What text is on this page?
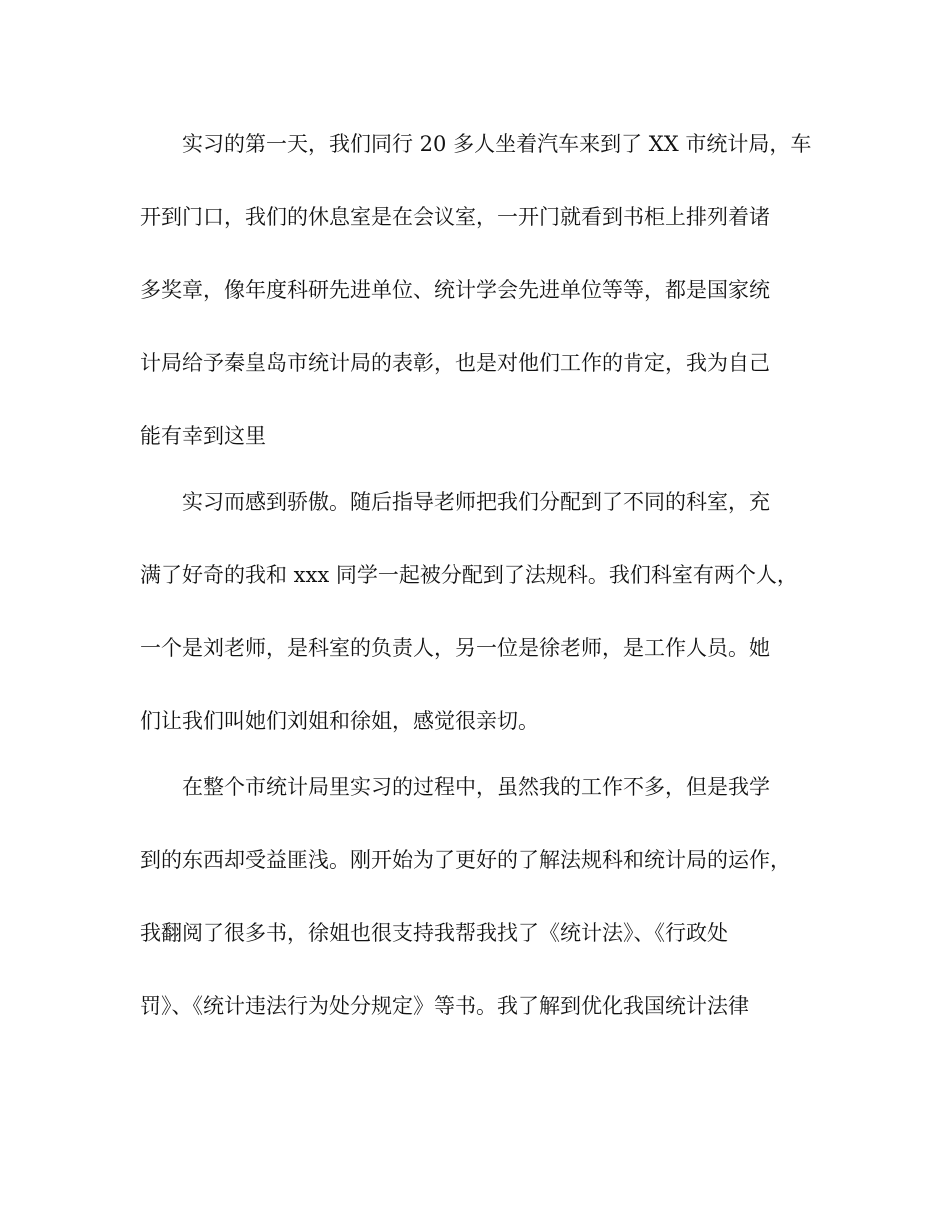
实习的第一天，我们同行 20 多人坐着汽车来到了 XX 市统计局，车
开到门口，我们的休息室是在会议室，一开门就看到书柜上排列着诸
多奖章，像年度科研先进单位、统计学会先进单位等等，都是国家统
计局给予秦皇岛市统计局的表彰，也是对他们工作的肯定，我为自己
能有幸到这里
实习而感到骄傲。随后指导老师把我们分配到了不同的科室，充
满了好奇的我和 xxx 同学一起被分配到了法规科。我们科室有两个人，
一个是刘老师，是科室的负责人，另一位是徐老师，是工作人员。她
们让我们叫她们刘姐和徐姐，感觉很亲切。
在整个市统计局里实习的过程中，虽然我的工作不多，但是我学
到的东西却受益匪浅。刚开始为了更好的了解法规科和统计局的运作，
我翻阅了很多书，徐姐也很支持我帮我找了《统计法》、《行政处
罚》、《统计违法行为处分规定》等书。我了解到优化我国统计法律
